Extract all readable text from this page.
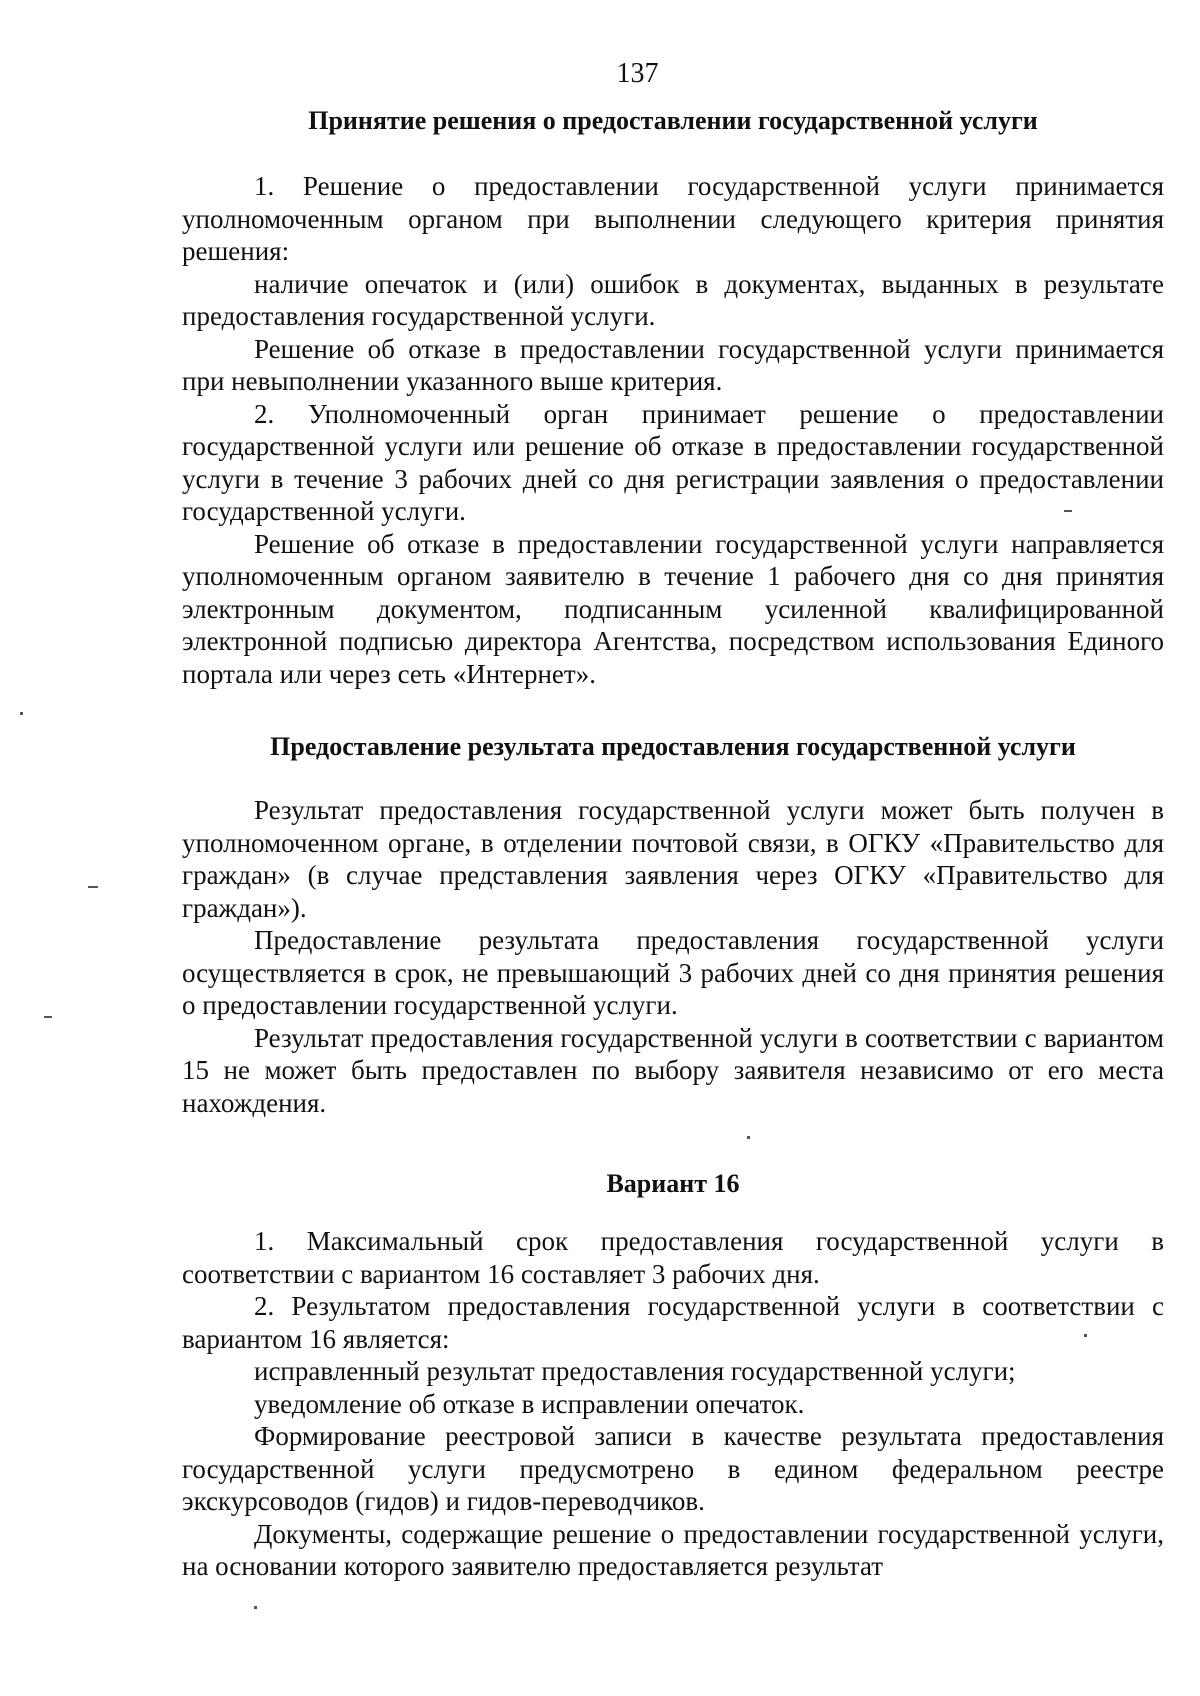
137
Принятие решения о предоставлении государственной услуги

1. Решение о предоставлении государственной услуги принимается уполномоченным органом при выполнении следующего критерия принятия решения:

наличие опечаток и (или) ошибок в документах, выданных в результате предоставления государственной услуги.

Решение об отказе в предоставлении государственной услуги принимается при невыполнении указанного выше критерия.

2. Уполномоченный орган принимает решение о предоставлении государственной услуги или решение об отказе в предоставлении государственной услуги в течение 3 рабочих дней со дня регистрации заявления о предоставлении государственной услуги.

Решение об отказе в предоставлении государственной услуги направляется уполномоченным органом заявителю в течение 1 рабочего дня со дня принятия электронным документом, подписанным усиленной квалифицированной электронной подписью директора Агентства, посредством использования Единого портала или через сеть «Интернет».

Предоставление результата предоставления государственной услуги

Результат предоставления государственной услуги может быть получен в уполномоченном органе, в отделении почтовой связи, в ОГКУ «Правительство для граждан» (в случае представления заявления через ОГКУ «Правительство для граждан»).

Предоставление результата предоставления государственной услуги осуществляется в срок, не превышающий 3 рабочих дней со дня принятия решения о предоставлении государственной услуги.

Результат предоставления государственной услуги в соответствии с вариантом 15 не может быть предоставлен по выбору заявителя независимо от его места нахождения.

Вариант 16

1. Максимальный срок предоставления государственной услуги в соответствии с вариантом 16 составляет 3 рабочих дня.

2. Результатом предоставления государственной услуги в соответствии с вариантом 16 является:

исправленный результат предоставления государственной услуги;

уведомление об отказе в исправлении опечаток.

Формирование реестровой записи в качестве результата предоставления государственной услуги предусмотрено в едином федеральном реестре экскурсоводов (гидов) и гидов-переводчиков.

Документы, содержащие решение о предоставлении государственной услуги, на основании которого заявителю предоставляется результат
